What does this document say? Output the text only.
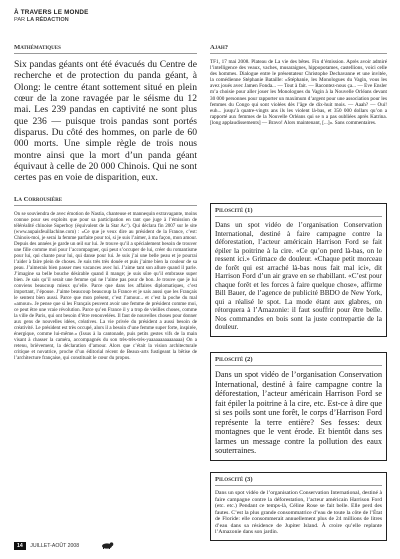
À TRAVERS LE MONDE
PAR LA RÉDACTION
Mathématiques

Six pandas géants ont été évacués du Centre de recherche et de protection du panda géant, à Olong: le centre étant sottement situé en plein cœur de la zone ravagée par le séisme du 12 mai. Les 239 pandas en captivité ne sont plus que 236 — puisque trois pandas sont portés disparus. Du côté des hommes, on parle de 60 000 morts. Une simple règle de trois nous montre ainsi que la mort d’un panda géant équivaut à celle de 20 000 Chinois. Qui ne sont certes pas en voie de disparition, eux.

La Corrousière

On se souviendra de avec émotion de Nastia, chanteuse et mannequin extravagante, moins connue pour ses exploits que pour sa participation en tant que juge à l’émission de téléréalité chinoise Superboy (équivalent de la Star Ac’). Qui déclara fin 2007 sur le site (www.aupaisfeuillachine.com) : «Ce que je veux dire au président de la France, c’est: Chinois-moi, je serai la femme parfaite pour toi, si je suis l’aimer, à ma façon, mon amour. Depuis des années je garde un œil sur lui. Je trouve qu’il a spécialement besoin de trouver une fille comme moi pour l’accompagner, qui peut s’occuper de lui, créer du romantisme pour lui, qui chante pour lui, qui danse pour lui. Je suis j’ai une belle peau et je pourrai l’aider à faire plein de choses. Je suis très très douée et puis j’aime bien la couleur de sa peau. J’aimerais bien passer mes vacances avec lui. J’aime tant son allure quand il parle. J’imagine sa belle bouche désirable quand il mange; je suis sûre qu’il embrasse super bien. Je sais qu’il serait une femme qui ne l’aime pas pour de bon. Je trouve que je lui conviens beaucoup mieux qu’elle. Parce que dans les affaires diplomatiques, c’est important, l’épouse. J’aime beaucoup beaucoup la France et je sais aussi que les Français le sentent bien aussi. Parce que mon présent, c’est l’amour... et c’est la poche du mal «amour». Je pense que si les Français peuvent avoir une femme de président comme moi, ce peut être une vraie révolution. Parce qu’en France il y a trop de vieilles choses, comme la ville de Paris, qui ont besoin d’être renouvelées. Il faut de nouvelles choses pour donner aux gens de nouvelles idées, créatives. La vie privée du président a aussi besoin de créativité. Le président est très occupé, alors il a besoin d’une femme super forte, inspirée, énergique, comme lui-même.» (Issus à la cantonade, puis petits gestes vifs de la main visant à chasser la caméra, accompagnés du son très-très-très-yaaaaaaaaaaaaaaa) On a retenu, brièvement, la déclaration d’amour. Alors que c’était la vision architecturale critique et novatrice, proche d’un éditorial récent de Beaux-arts fustigeant la bêtise de l’architecture française, qui constituait le cœur du propos.

Ajah?

TF1, 17 mai 2008. Plateau de La vie des bêtes. Fin d’émission. Après avoir admiré l’intelligence des veaux, vaches, musaraignes, hippopotames, castellions, voici celle des hommes. Dialogue entre le présentateur Christophe Dechavanne et une invitée, la comédienne Stéphanie Bataille: «Stéphanie, les Monologues du Vagin, vous les avez joués avec Jamen Fonda... — Tout à fait. — Racontez-nous ça... — Eve Ensler m’a choisie pour aller jouer les Monologues du Vagin à la Nouvelle Orléans devant 30 000 personnes pour rapporter un maximum d’argent pour une association pour les femmes du Congo qui sont violées dès l’âge de dix-huit mois. — Aaah? — Oui! euh... jusqu’à quatre-vingts ans ils les violent là-bas, et 350 000 dollars qu’on a rapporté aux femmes de la Nouvelle Orléans qui se n a pas oubliées après Katrina. [long applaudissements] — Bravo! Alors maintenant, [...]». Sans commentaires.

Piloscité (1)

Dans un spot vidéo de l’organisation Conservation International, destiné à faire campagne contre la déforestation, l’acteur américain Harrison Ford se fait épiler la poitrine à la cire. «Ce qu’on perd là-bas, on le ressent ici.» Grimace de douleur. «Chaque petit morceau de forêt qui est arraché là-bas nous fait mal ici», dit Harrison Ford d’un air grave en se rhabillant. «C’est pour chaque forêt et les forces à faire quelque chose», affirme Bill Bauer, de l’agence de publicité BBDO de New York, qui a réalisé le spot. La mode étant aux glabres, on rétorquera à l’Amazonie: il faut souffrir pour être belle. Nos commandes en bois sont la juste contrepartie de la douleur.

Piloscité (2)

Dans un spot vidéo de l’organisation Conservation International, destiné à faire campagne contre la déforestation, l’acteur américain Harrison Ford se fait épiler la poitrine à la cire, etc. Est-ce à dire que si ses poils sont une forêt, le corps d’Harrison Ford représente la terre entière? Ses fesses: deux montagnes que le vent érode. Et bientôt dans ses larmes un message contre la pollution des eaux souterraines.

Piloscité (3)

Dans un spot vidéo de l’organisation Conservation International, destiné à faire campagne contre la déforestation, l’acteur américain Harrison Ford (etc. etc.) Pendant ce temps-là, Céline Rose se fait belle. Elle perd des fautes. C’est la plus grande consommatrice d’eau de toute la côte de l’État de Floride: elle consommerait annuellement plus de 24 millions de litres d’eau dans sa résidence de Jupiter Island. À croire qu’elle replante l’Amazonie dans son jardin.

14 JUILLET-AOÛT 2008
